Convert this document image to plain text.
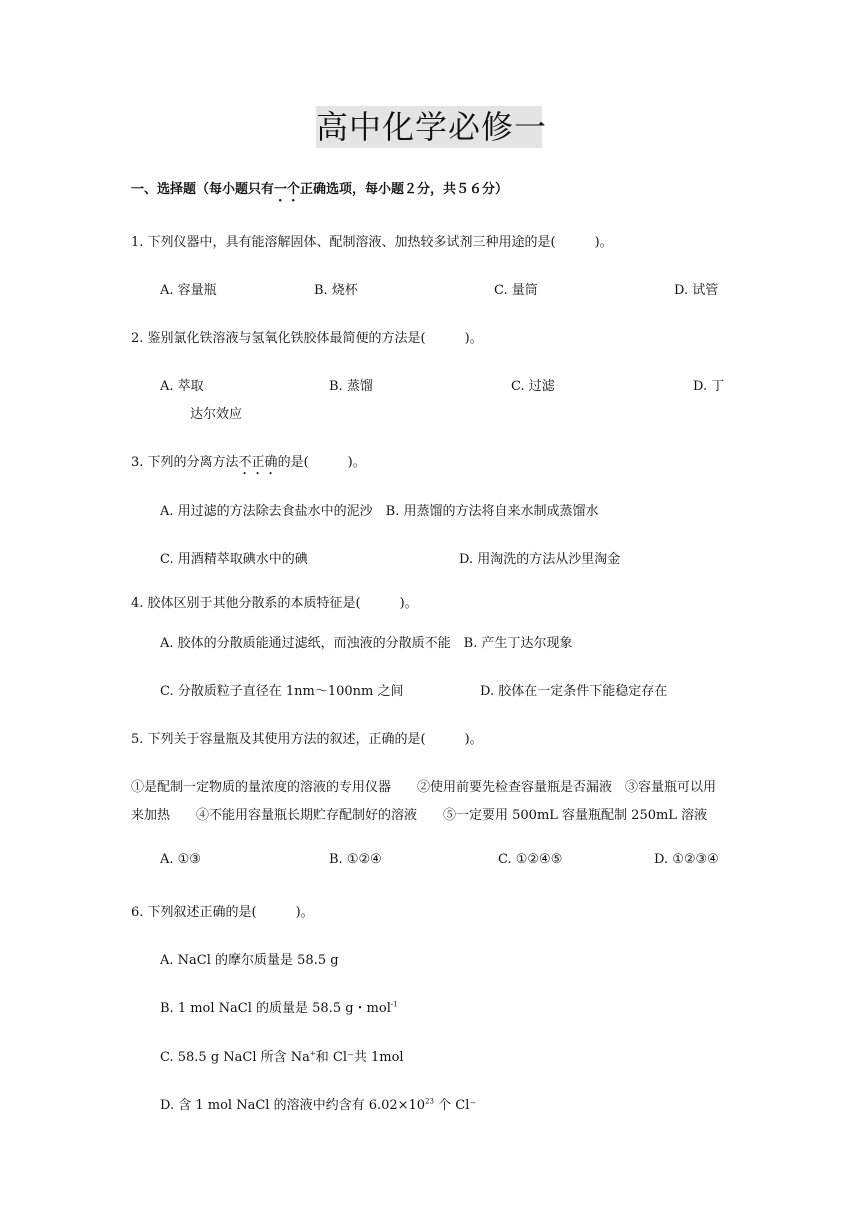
高中化学必修一
一、选择题（每小题只有一个正确选项，每小题２分，共５６分）
1. 下列仪器中，具有能溶解固体、配制溶液、加热较多试剂三种用途的是(　　　)。
A. 容量瓶	B. 烧杯	C. 量筒	D. 试管
2. 鉴别氯化铁溶液与氢氧化铁胶体最简便的方法是(　　　)。
A. 萃取	B. 蒸馏	C. 过滤	D. 丁
达尔效应
3. 下列的分离方法不正确的是(　　　)。
A. 用过滤的方法除去食盐水中的泥沙　B. 用蒸馏的方法将自来水制成蒸馏水
C. 用酒精萃取碘水中的碘	D. 用淘洗的方法从沙里淘金
4. 胶体区别于其他分散系的本质特征是(　　　)。
A. 胶体的分散质能通过滤纸，而浊液的分散质不能　B. 产生丁达尔现象
C. 分散质粒子直径在 1nm～100nm 之间	D. 胶体在一定条件下能稳定存在
5. 下列关于容量瓶及其使用方法的叙述，正确的是(　　　)。
①是配制一定物质的量浓度的溶液的专用仪器　　②使用前要先检查容量瓶是否漏液　③容量瓶可以用
来加热　　④不能用容量瓶长期贮存配制好的溶液　　⑤一定要用 500mL 容量瓶配制 250mL 溶液
A. ①③	B. ①②④	C. ①②④⑤	D. ①②③④
6. 下列叙述正确的是(　　　)。
A. NaCl 的摩尔质量是 58.5 g
B. 1 mol NaCl 的质量是 58.5 g・mol$^{-1}$
C. 58.5 g NaCl 所含 Na+和 Cl⁻共 1mol
D. 含 1 mol NaCl 的溶液中约含有 $6.02\times 10^{23}$ 个 Cl⁻
